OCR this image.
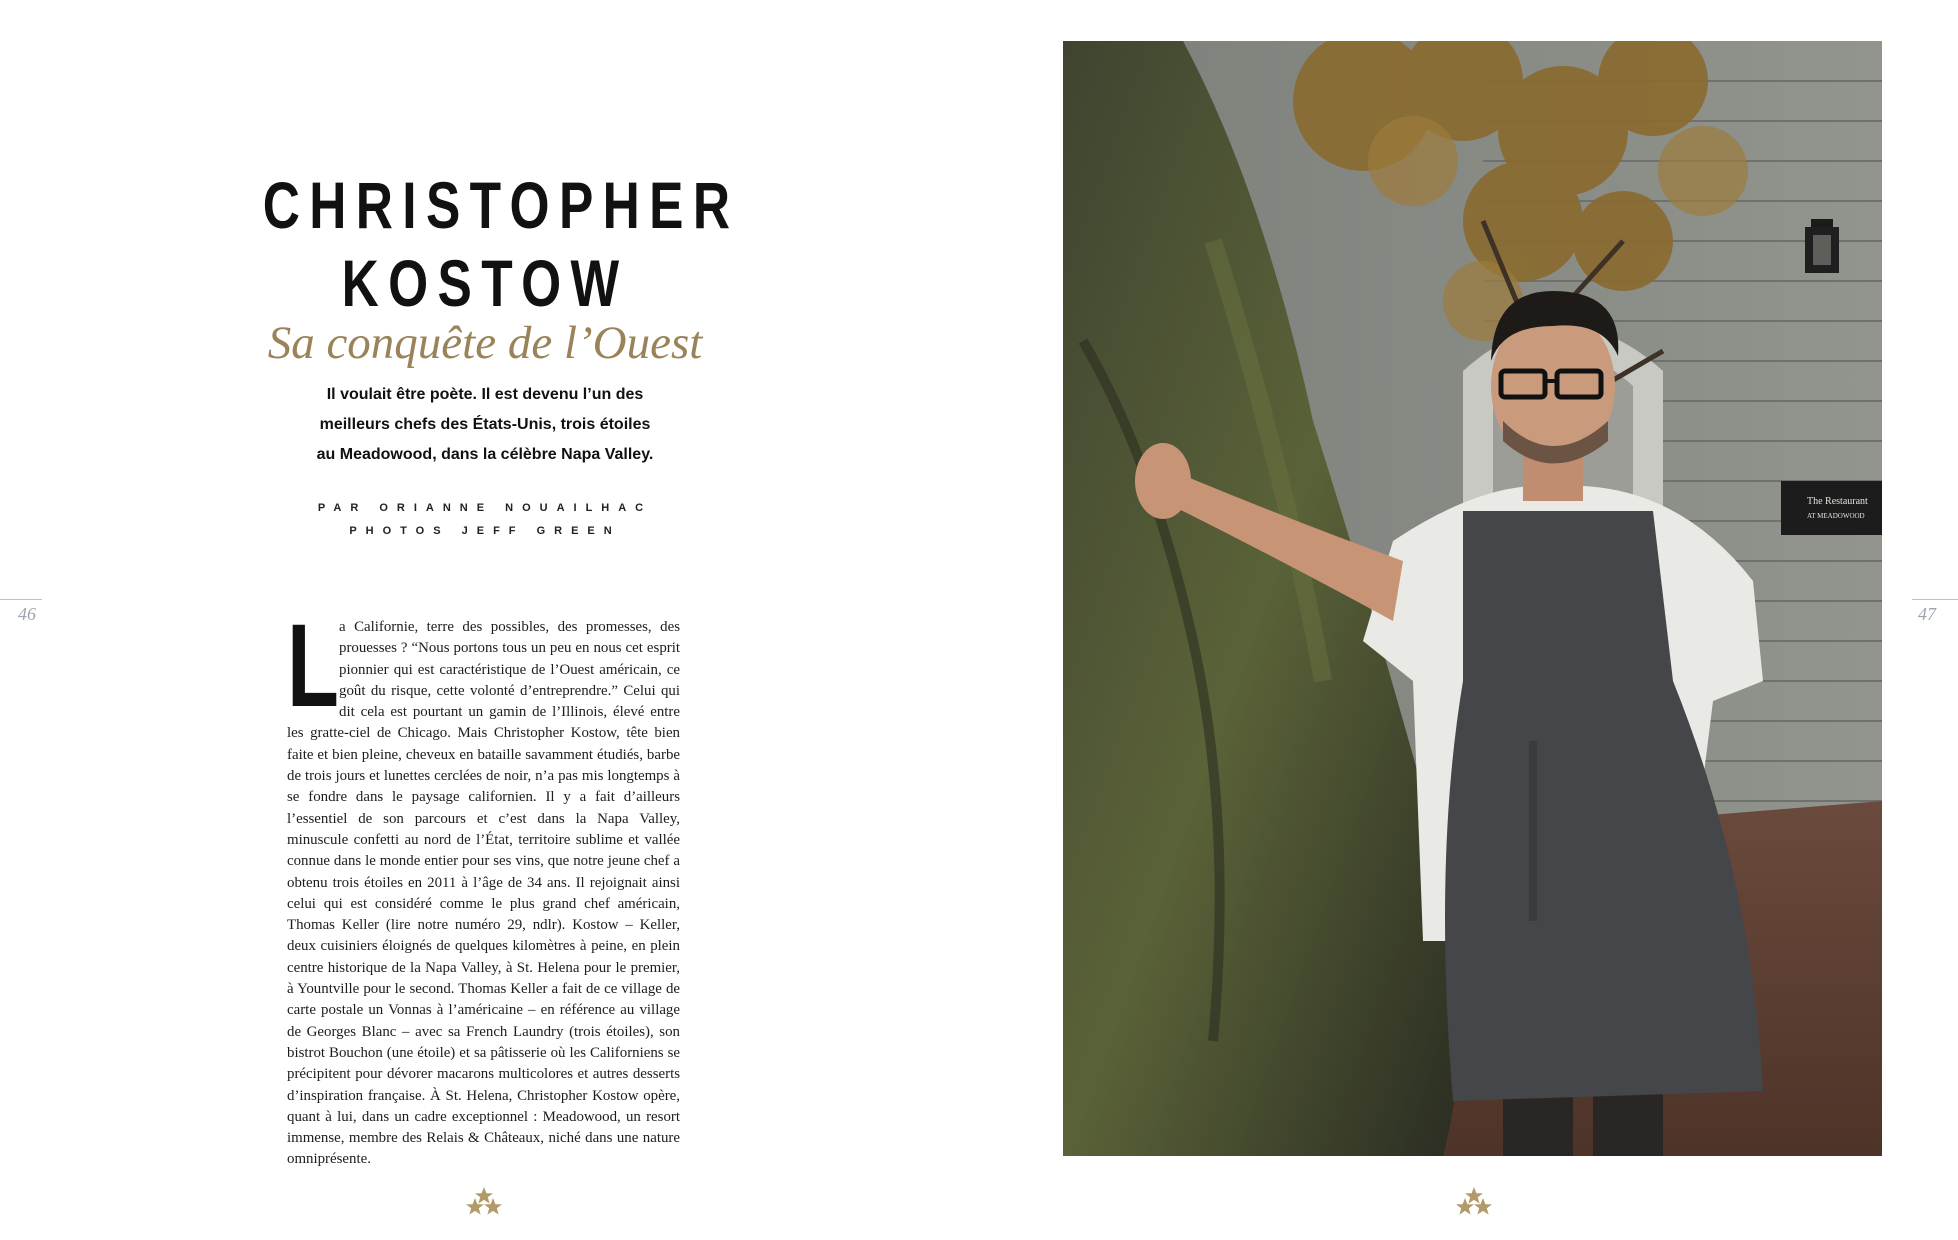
CHRISTOPHER
KOSTOW
Sa conquête de l’Ouest
Il voulait être poète. Il est devenu l’un des
meilleurs chefs des États-Unis, trois étoiles
au Meadowood, dans la célèbre Napa Valley.
PAR ORIANNE NOUAILHAC
PHOTOS JEFF GREEN
46	47
L a Californie, terre des possibles, des promesses, des prouesses ? “Nous portons tous un peu en nous cet esprit pionnier qui est caractéristique de l’Ouest américain, ce goût du risque, cette volonté d’entreprendre.” Celui qui dit cela est pourtant un gamin de l’Illinois, élevé entre les gratte-ciel de Chicago. Mais Christopher Kostow, tête bien faite et bien pleine, cheveux en bataille savamment étudiés, barbe de trois jours et lunettes cerclées de noir, n’a pas mis longtemps à se fondre dans le paysage californien. Il y a fait d’ailleurs l’essentiel de son parcours et c’est dans la Napa Valley, minuscule confetti au nord de l’État, territoire sublime et vallée connue dans le monde entier pour ses vins, que notre jeune chef a obtenu trois étoiles en 2011 à l’âge de 34 ans. Il rejoignait ainsi celui qui est considéré comme le plus grand chef américain, Thomas Keller (lire notre numéro 29, ndlr). Kostow – Keller, deux cuisiniers éloignés de quelques kilomètres à peine, en plein centre historique de la Napa Valley, à St. Helena pour le premier, à Yountville pour le second. Thomas Keller a fait de ce village de carte postale un Vonnas à l’américaine – en référence au village de Georges Blanc – avec sa French Laundry (trois étoiles), son bistrot Bouchon (une étoile) et sa pâtisserie où les Californiens se précipitent pour dévorer macarons multicolores et autres desserts d’inspiration française. À St. Helena, Christopher Kostow opère, quant à lui, dans un cadre exceptionnel : Meadowood, un resort immense, membre des Relais & Châteaux, niché dans une nature omniprésente.
The Restaurant
AT MEADOWOOD
